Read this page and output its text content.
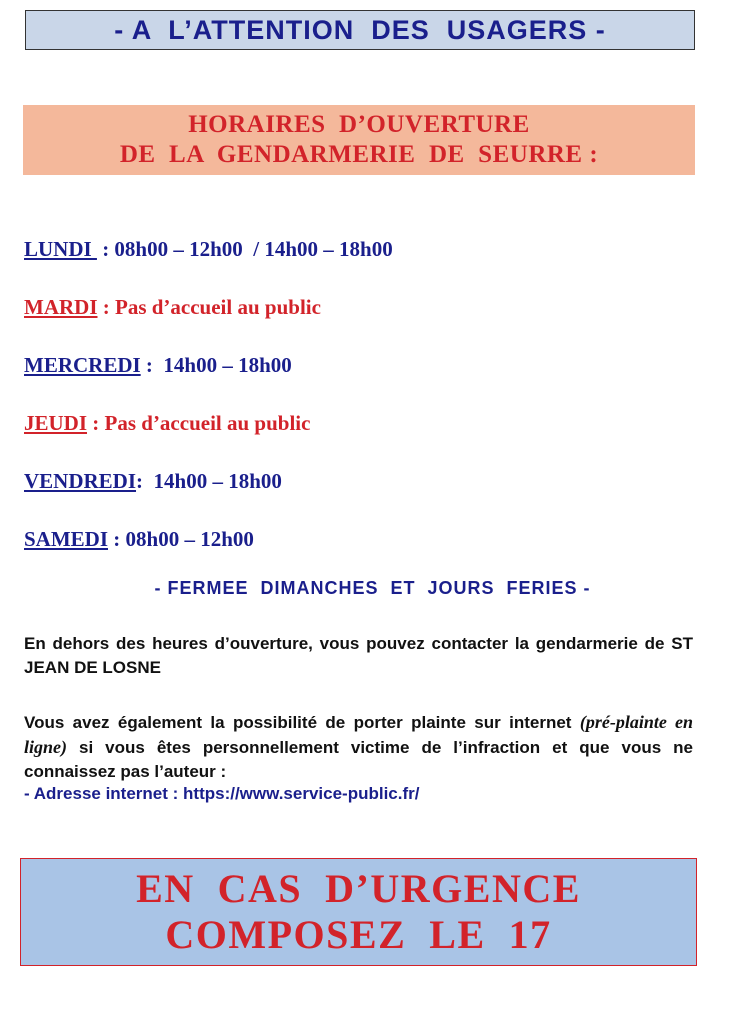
- A  L’ATTENTION  DES  USAGERS -
HORAIRES  D’OUVERTURE
DE  LA  GENDARMERIE  DE  SEURRE :
LUNDI  : 08h00 – 12h00  / 14h00 – 18h00
MARDI : Pas d’accueil au public
MERCREDI :  14h00 – 18h00
JEUDI : Pas d’accueil au public
VENDREDI:  14h00 – 18h00
SAMEDI : 08h00 – 12h00
- FERMEE  DIMANCHES  ET  JOURS  FERIES -
En dehors des heures d’ouverture, vous pouvez contacter la gendarmerie de ST JEAN DE LOSNE
Vous avez également la possibilité de porter plainte sur internet (pré-plainte en ligne) si vous êtes personnellement victime de l’infraction et que vous ne connaissez pas l’auteur :
- Adresse internet : https://www.service-public.fr/
EN  CAS  D’URGENCE
COMPOSEZ  LE  17
